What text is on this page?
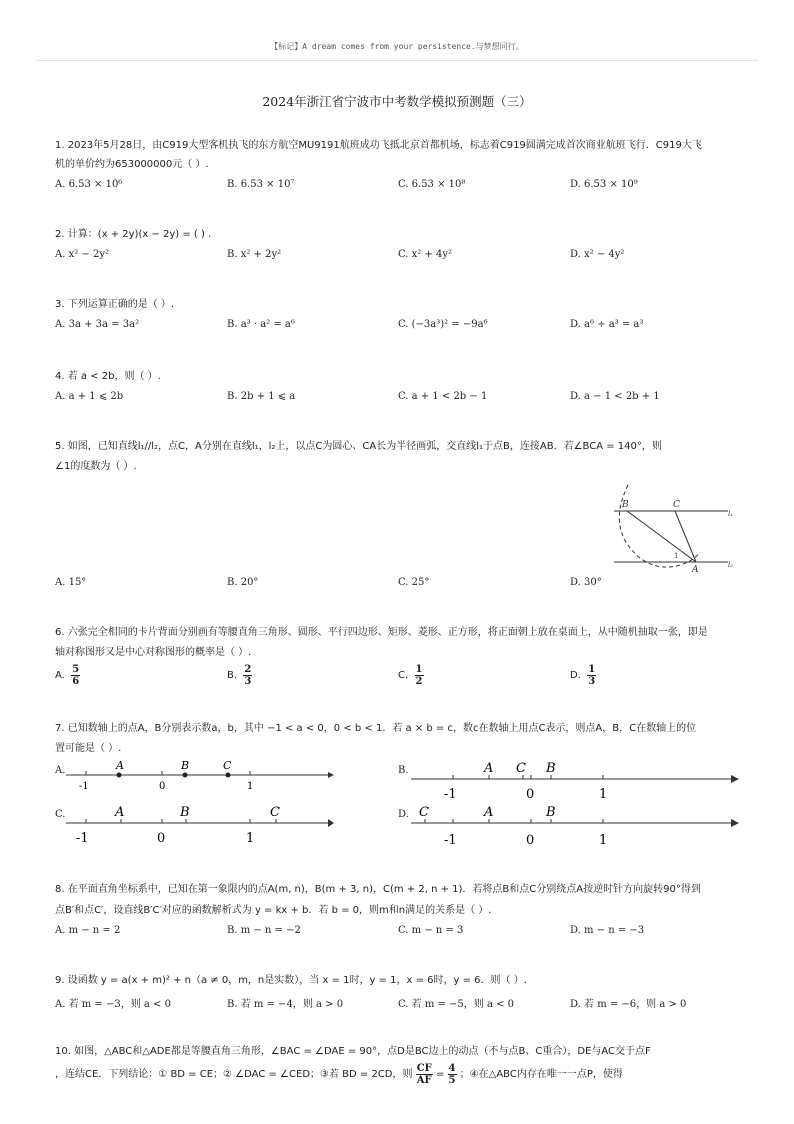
【标记】A dream comes from your persistence.与梦想同行。
2024年浙江省宁波市中考数学模拟预测题（三）
1. 2023年5月28日，由C919大型客机执飞的东方航空MU9191航班成功飞抵北京首都机场，标志着C919圆满完成首次商业航班飞行．C919大飞
机的单价约为653000000元（ ）.
A. 6.53 × 10⁶	B. 6.53 × 10⁷	C. 6.53 × 10⁸	D. 6.53 × 10⁹
2. 计算：(x + 2y)(x − 2y) = ( ) .
A. x² − 2y²	B. x² + 2y²	C. x² + 4y²	D. x² − 4y²
3. 下列运算正确的是（ ）.
A. 3a + 3a = 3a²	B. a³ · a² = a⁶	C. (−3a³)² = −9a⁶	D. a⁶ ÷ a³ = a³
4. 若 a < 2b，则（ ）.
A. a + 1 ⩽ 2b	B. 2b + 1 ⩽ a	C. a + 1 < 2b − 1	D. a − 1 < 2b + 1
5. 如图，已知直线l₁//l₂，点C，A分别在直线l₁，l₂上，以点C为圆心、CA长为半径画弧，交直线l₁于点B，连接AB．若∠BCA = 140°，则
∠1的度数为（ ）.
B	C
l₁
l₂
A
1
A. 15°	B. 20°	C. 25°	D. 30°
6. 六张完全相同的卡片背面分别画有等腰直角三角形、圆形、平行四边形、矩形、菱形、正方形，将正面朝上放在桌面上，从中随机抽取一张，即是
轴对称图形又是中心对称图形的概率是（ ）.
A. $\frac{5}{6}$	B. $\frac{2}{3}$	C. $\frac{1}{2}$	D. $\frac{1}{3}$
7. 已知数轴上的点A，B分别表示数a，b，其中 −1 < a < 0，0 < b < 1．若 a × b = c，数c在数轴上用点C表示，则点A，B，C在数轴上的位
置可能是（ ）.
A.	A	B	C
-1	0	1
B.	A	B
C
-1	0	1
C.	A	B	C
-1	0	1
D.	A	B
C
-1	0	1
8. 在平面直角坐标系中，已知在第一象限内的点A(m, n)，B(m + 3, n)，C(m + 2, n + 1)．若将点B和点C分别绕点A按逆时针方向旋转90°得到
点B′和点C′，设直线B′C′对应的函数解析式为 y = kx + b．若 b = 0，则m和n满足的关系是（ ）.
A. m − n = 2	B. m − n = −2	C. m − n = 3	D. m − n = −3
9. 设函数 y = a(x + m)² + n（a ≠ 0，m，n是实数），当 x = 1时，y = 1，x = 6时，y = 6．则（ ）.
A. 若 m = −3，则 a < 0	B. 若 m = −4，则 a > 0	C. 若 m = −5，则 a < 0	D. 若 m = −6，则 a > 0
10. 如图，△ABC和△ADE都是等腰直角三角形，∠BAC = ∠DAE = 90°，点D是BC边上的动点（不与点B、C重合），DE与AC交于点F
，连结CE．下列结论：① BD = CE；② ∠DAC = ∠CED；③若 BD = 2CD，则 $\frac{CF}{AF} = \frac{4}{5}$ ；④在△ABC内存在唯一一点P，使得
